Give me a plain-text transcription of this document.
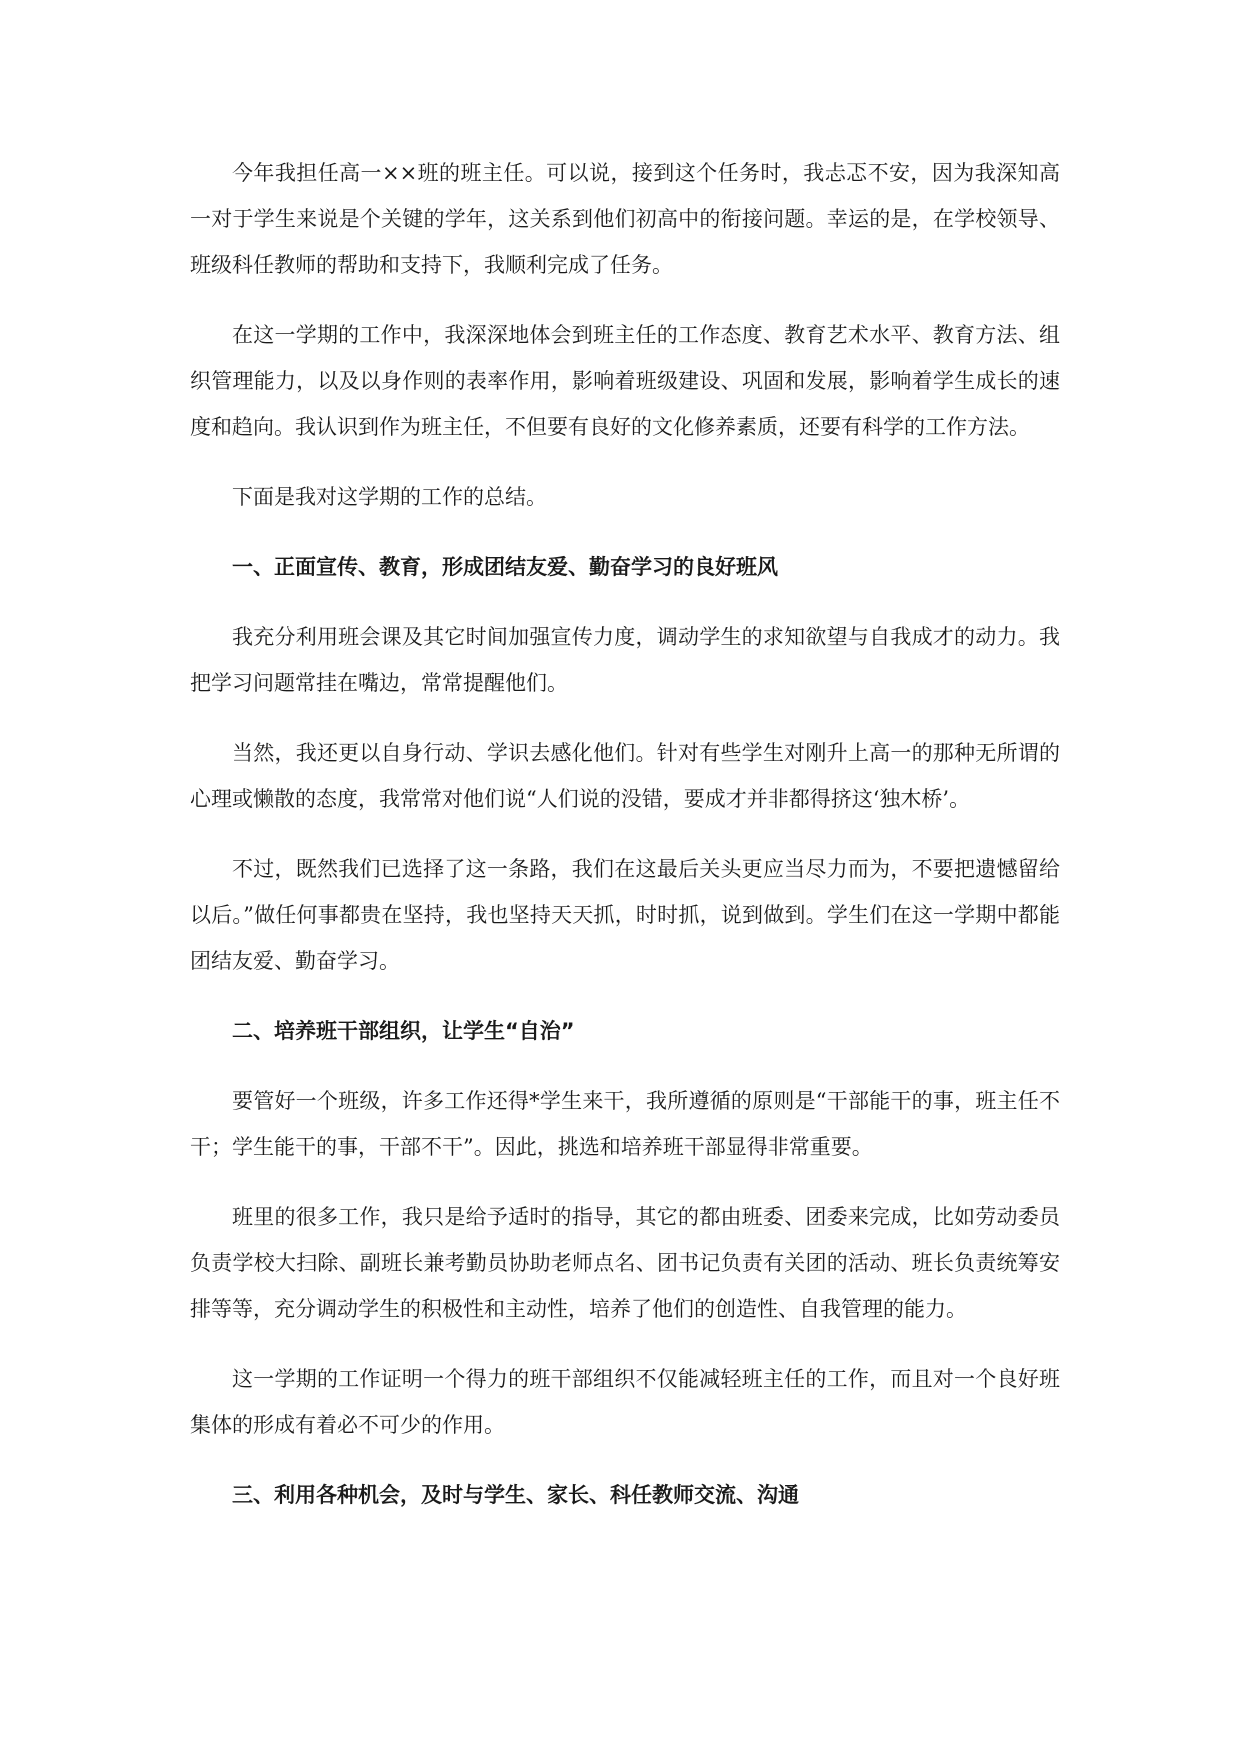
今年我担任高一××班的班主任。可以说，接到这个任务时，我忐忑不安，因为我深知高一对于学生来说是个关键的学年，这关系到他们初高中的衔接问题。幸运的是，在学校领导、班级科任教师的帮助和支持下，我顺利完成了任务。

在这一学期的工作中，我深深地体会到班主任的工作态度、教育艺术水平、教育方法、组织管理能力，以及以身作则的表率作用，影响着班级建设、巩固和发展，影响着学生成长的速度和趋向。我认识到作为班主任，不但要有良好的文化修养素质，还要有科学的工作方法。

下面是我对这学期的工作的总结。

一、正面宣传、教育，形成团结友爱、勤奋学习的良好班风

我充分利用班会课及其它时间加强宣传力度，调动学生的求知欲望与自我成才的动力。我把学习问题常挂在嘴边，常常提醒他们。

当然，我还更以自身行动、学识去感化他们。针对有些学生对刚升上高一的那种无所谓的心理或懒散的态度，我常常对他们说“人们说的没错，要成才并非都得挤这‘独木桥’。

不过，既然我们已选择了这一条路，我们在这最后关头更应当尽力而为，不要把遗憾留给以后。”做任何事都贵在坚持，我也坚持天天抓，时时抓，说到做到。学生们在这一学期中都能团结友爱、勤奋学习。

二、培养班干部组织，让学生“自治”

要管好一个班级，许多工作还得*学生来干，我所遵循的原则是“干部能干的事，班主任不干；学生能干的事，干部不干”。因此，挑选和培养班干部显得非常重要。

班里的很多工作，我只是给予适时的指导，其它的都由班委、团委来完成，比如劳动委员负责学校大扫除、副班长兼考勤员协助老师点名、团书记负责有关团的活动、班长负责统筹安排等等，充分调动学生的积极性和主动性，培养了他们的创造性、自我管理的能力。

这一学期的工作证明一个得力的班干部组织不仅能减轻班主任的工作，而且对一个良好班集体的形成有着必不可少的作用。

三、利用各种机会，及时与学生、家长、科任教师交流、沟通
